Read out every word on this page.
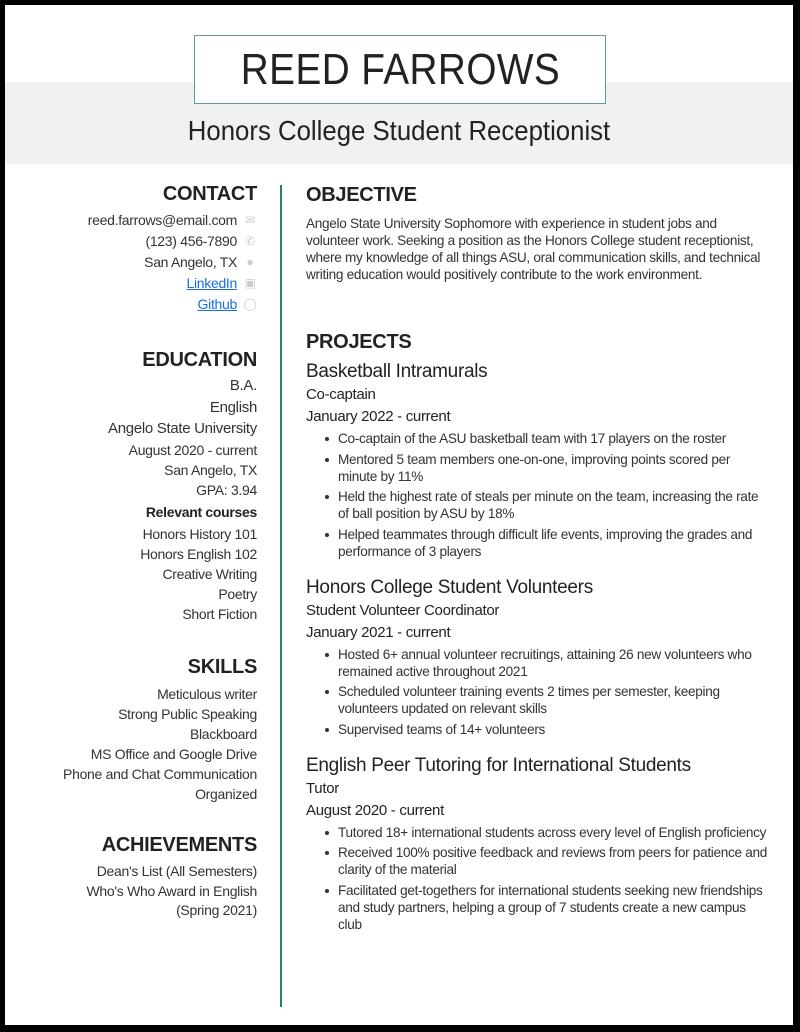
REED FARROWS
Honors College Student Receptionist
CONTACT
reed.farrows@email.com ✉
(123) 456-7890 ✆
San Angelo, TX ●
LinkedIn ▣
Github ◯
EDUCATION
B.A.
English
Angelo State University
August 2020 - current
San Angelo, TX
GPA: 3.94
Relevant courses
Honors History 101
Honors English 102
Creative Writing
Poetry
Short Fiction
SKILLS
Meticulous writer
Strong Public Speaking
Blackboard
MS Office and Google Drive
Phone and Chat Communication
Organized
ACHIEVEMENTS
Dean's List (All Semesters)
Who's Who Award in English (Spring 2021)
OBJECTIVE

Angelo State University Sophomore with experience in student jobs and volunteer work. Seeking a position as the Honors College student receptionist, where my knowledge of all things ASU, oral communication skills, and technical writing education would positively contribute to the work environment.

PROJECTS
Basketball Intramurals
Co-captain
January 2022 - current
Co-captain of the ASU basketball team with 17 players on the roster
Mentored 5 team members one-on-one, improving points scored per minute by 11%
Held the highest rate of steals per minute on the team, increasing the rate of ball position by ASU by 18%
Helped teammates through difficult life events, improving the grades and performance of 3 players
Honors College Student Volunteers
Student Volunteer Coordinator
January 2021 - current
Hosted 6+ annual volunteer recruitings, attaining 26 new volunteers who remained active throughout 2021
Scheduled volunteer training events 2 times per semester, keeping volunteers updated on relevant skills
Supervised teams of 14+ volunteers
English Peer Tutoring for International Students
Tutor
August 2020 - current
Tutored 18+ international students across every level of English proficiency
Received 100% positive feedback and reviews from peers for patience and clarity of the material
Facilitated get-togethers for international students seeking new friendships and study partners, helping a group of 7 students create a new campus club
